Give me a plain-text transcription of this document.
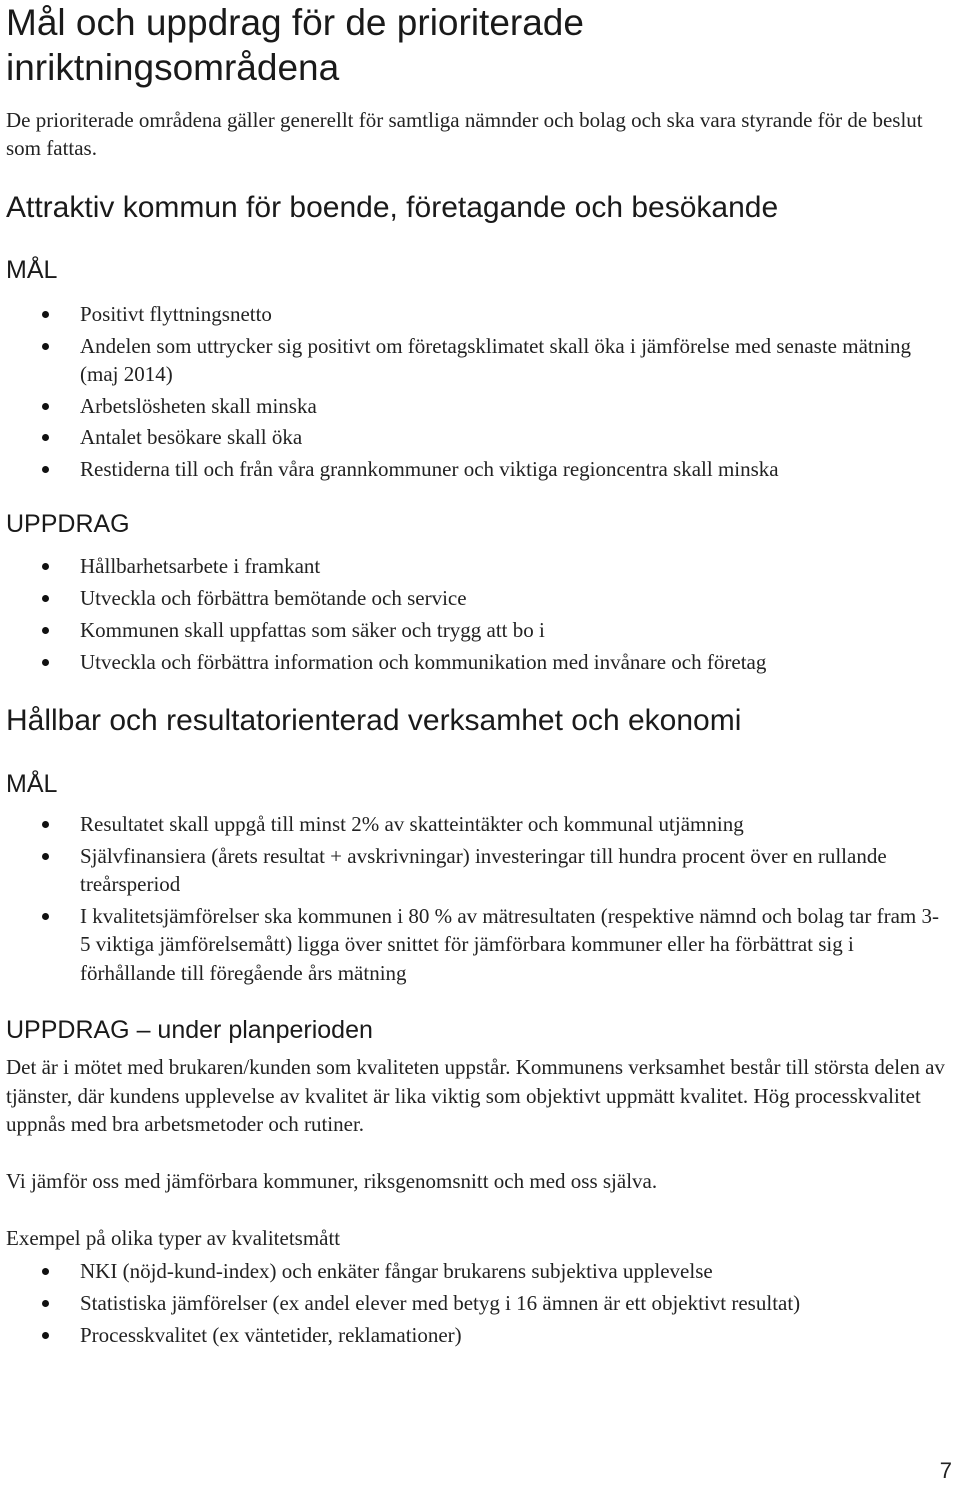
Mål och uppdrag för de prioriterade inriktningsområdena

De prioriterade områdena gäller generellt för samtliga nämnder och bolag och ska vara styrande för de beslut som fattas.

Attraktiv kommun för boende, företagande och besökande
MÅL
Positivt flyttningsnetto
Andelen som uttrycker sig positivt om företagsklimatet skall öka i jämförelse med senaste mätning (maj 2014)
Arbetslösheten skall minska
Antalet besökare skall öka
Restiderna till och från våra grannkommuner och viktiga regioncentra skall minska
UPPDRAG
Hållbarhetsarbete i framkant
Utveckla och förbättra bemötande och service
Kommunen skall uppfattas som säker och trygg att bo i
Utveckla och förbättra information och kommunikation med invånare och företag
Hållbar och resultatorienterad verksamhet och ekonomi
MÅL
Resultatet skall uppgå till minst 2% av skatteintäkter och kommunal utjämning
Självfinansiera (årets resultat + avskrivningar) investeringar till hundra procent över en rullande treårsperiod
I kvalitetsjämförelser ska kommunen i 80 % av mätresultaten (respektive nämnd och bolag tar fram 3-5 viktiga jämförelsemått) ligga över snittet för jämförbara kommuner eller ha förbättrat sig i förhållande till föregående års mätning
UPPDRAG – under planperioden

Det är i mötet med brukaren/kunden som kvaliteten uppstår. Kommunens verksamhet består till största delen av tjänster, där kundens upplevelse av kvalitet är lika viktig som objektivt uppmätt kvalitet. Hög processkvalitet uppnås med bra arbetsmetoder och rutiner.

Vi jämför oss med jämförbara kommuner, riksgenomsnitt och med oss själva.

Exempel på olika typer av kvalitetsmått

NKI (nöjd-kund-index) och enkäter fångar brukarens subjektiva upplevelse
Statistiska jämförelser (ex andel elever med betyg i 16 ämnen är ett objektivt resultat)
Processkvalitet (ex väntetider, reklamationer)
7
